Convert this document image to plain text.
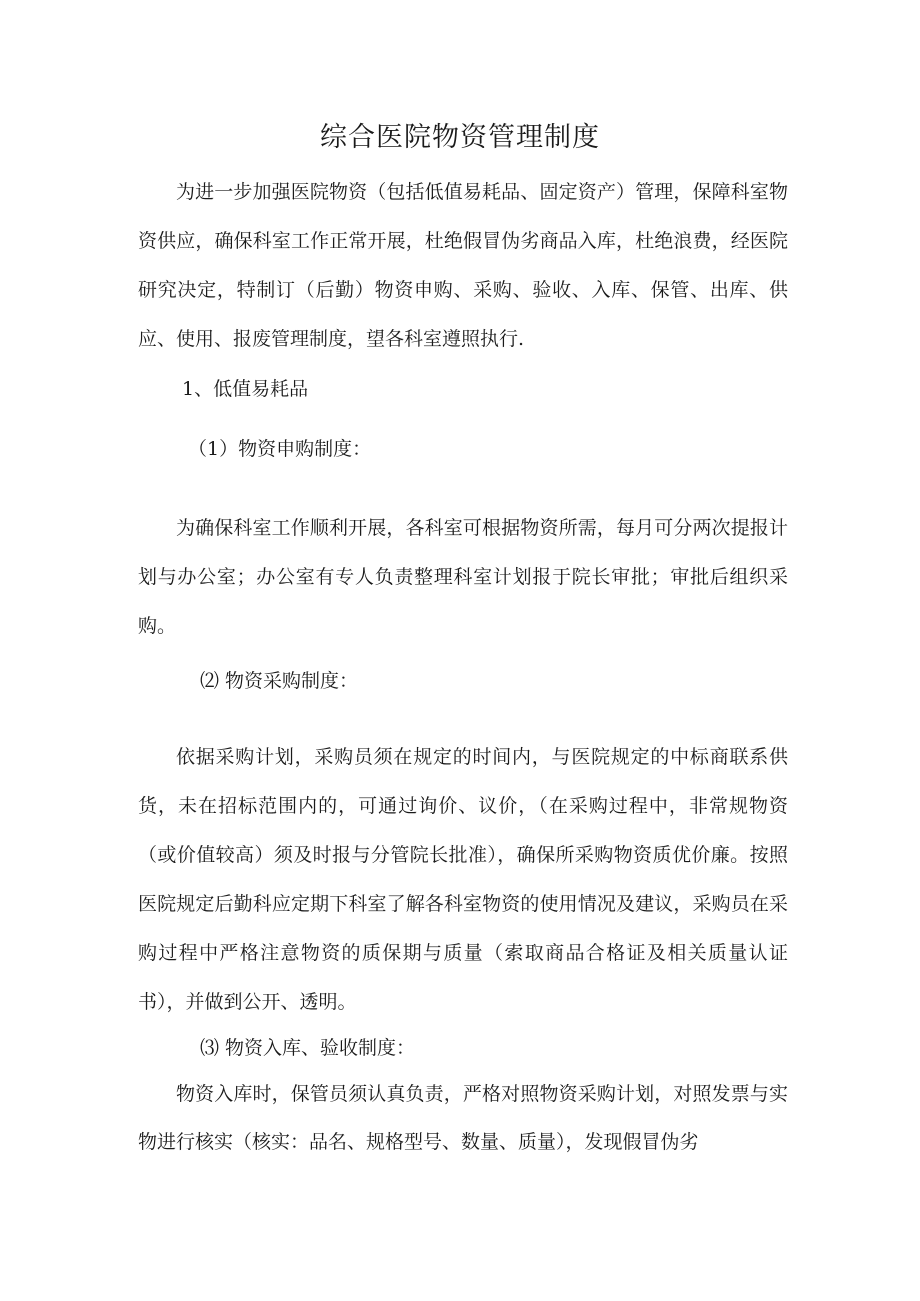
综合医院物资管理制度

为进一步加强医院物资（包括低值易耗品、固定资产）管理，保障科室物资供应，确保科室工作正常开展，杜绝假冒伪劣商品入库，杜绝浪费，经医院研究决定，特制订（后勤）物资申购、采购、验收、入库、保管、出库、供应、使用、报废管理制度，望各科室遵照执行.

1、低值易耗品

（1）物资申购制度：

为确保科室工作顺利开展，各科室可根据物资所需，每月可分两次提报计划与办公室；办公室有专人负责整理科室计划报于院长审批；审批后组织采购。

⑵ 物资采购制度：

依据采购计划，采购员须在规定的时间内，与医院规定的中标商联系供货，未在招标范围内的，可通过询价、议价，（在采购过程中，非常规物资（或价值较高）须及时报与分管院长批准），确保所采购物资质优价廉。按照医院规定后勤科应定期下科室了解各科室物资的使用情况及建议，采购员在采购过程中严格注意物资的质保期与质量（索取商品合格证及相关质量认证书），并做到公开、透明。

⑶ 物资入库、验收制度：

物资入库时，保管员须认真负责，严格对照物资采购计划，对照发票与实物进行核实（核实：品名、规格型号、数量、质量），发现假冒伪劣
